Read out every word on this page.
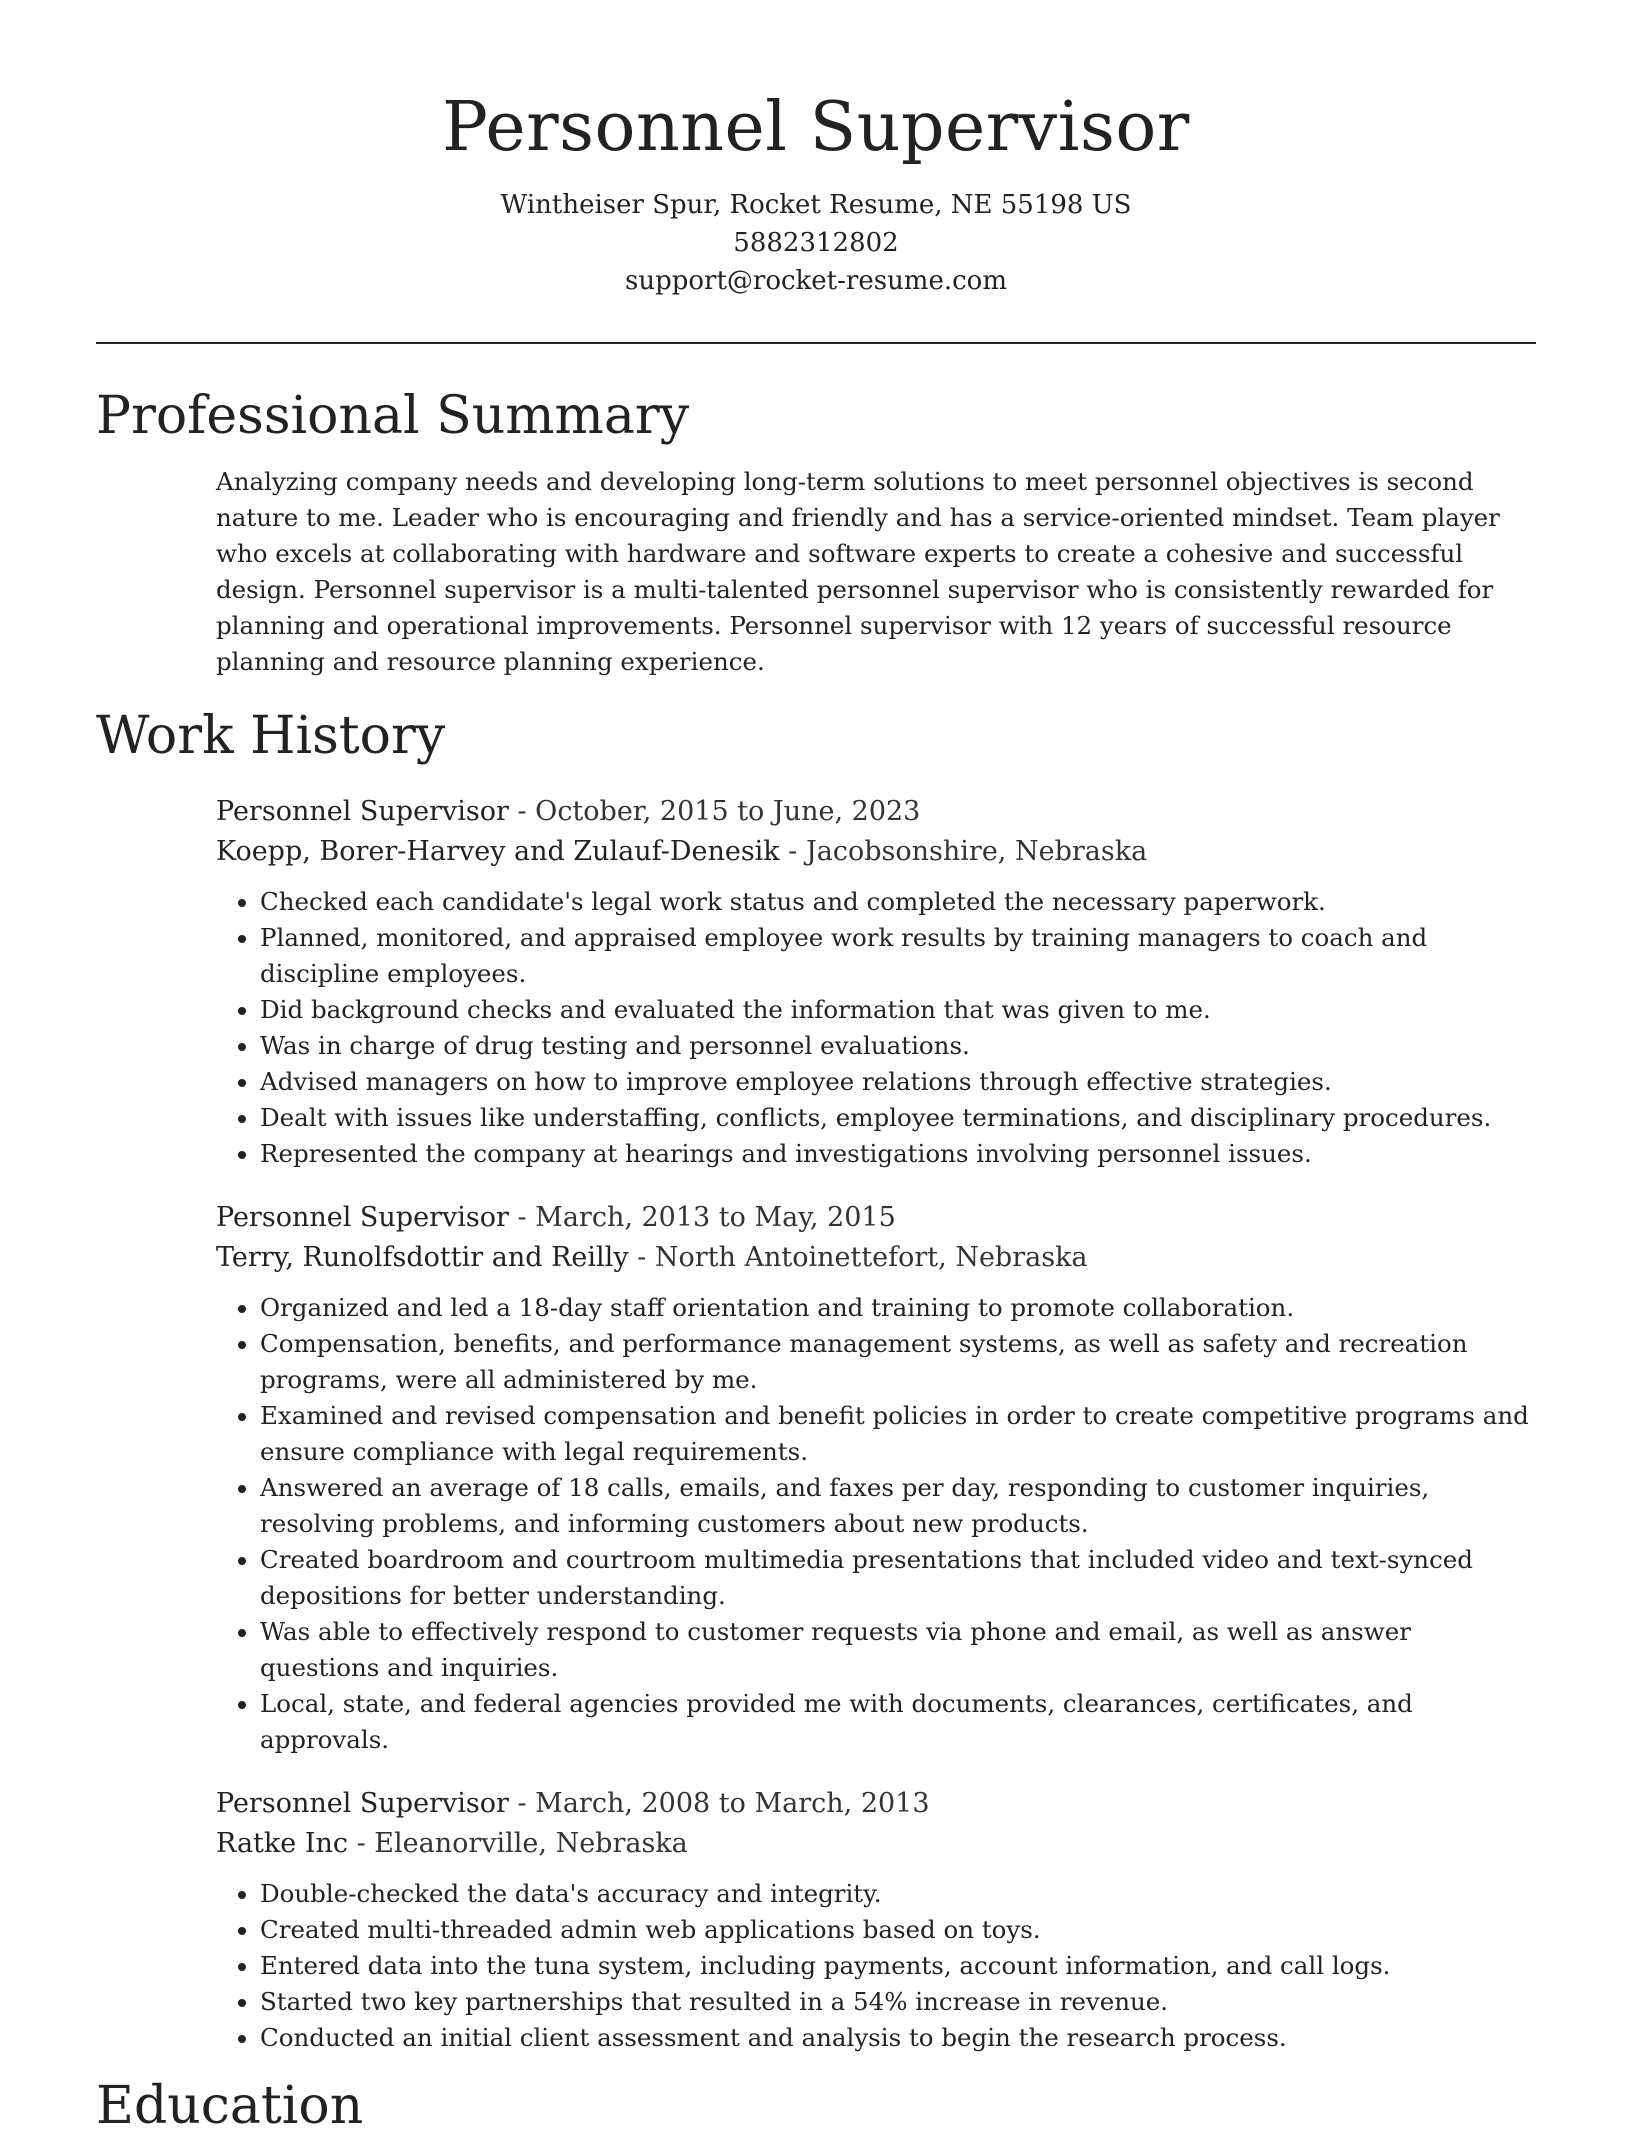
Personnel Supervisor
Wintheiser Spur, Rocket Resume, NE 55198 US
5882312802
support@rocket-resume.com
Professional Summary

Analyzing company needs and developing long-term solutions to meet personnel objectives is second nature to me. Leader who is encouraging and friendly and has a service-oriented mindset. Team player who excels at collaborating with hardware and software experts to create a cohesive and successful design. Personnel supervisor is a multi-talented personnel supervisor who is consistently rewarded for planning and operational improvements. Personnel supervisor with 12 years of successful resource planning and resource planning experience.

Work History
Personnel Supervisor - October, 2015 to June, 2023
Koepp, Borer-Harvey and Zulauf-Denesik - Jacobsonshire, Nebraska
• Checked each candidate's legal work status and completed the necessary paperwork.
• Planned, monitored, and appraised employee work results by training managers to coach and discipline employees.
• Did background checks and evaluated the information that was given to me.
• Was in charge of drug testing and personnel evaluations.
• Advised managers on how to improve employee relations through effective strategies.
• Dealt with issues like understaffing, conflicts, employee terminations, and disciplinary procedures.
• Represented the company at hearings and investigations involving personnel issues.
Personnel Supervisor - March, 2013 to May, 2015
Terry, Runolfsdottir and Reilly - North Antoinettefort, Nebraska
• Organized and led a 18-day staff orientation and training to promote collaboration.
• Compensation, benefits, and performance management systems, as well as safety and recreation programs, were all administered by me.
• Examined and revised compensation and benefit policies in order to create competitive programs and ensure compliance with legal requirements.
• Answered an average of 18 calls, emails, and faxes per day, responding to customer inquiries, resolving problems, and informing customers about new products.
• Created boardroom and courtroom multimedia presentations that included video and text-synced depositions for better understanding.
• Was able to effectively respond to customer requests via phone and email, as well as answer questions and inquiries.
• Local, state, and federal agencies provided me with documents, clearances, certificates, and approvals.
Personnel Supervisor - March, 2008 to March, 2013
Ratke Inc - Eleanorville, Nebraska
• Double-checked the data's accuracy and integrity.
• Created multi-threaded admin web applications based on toys.
• Entered data into the tuna system, including payments, account information, and call logs.
• Started two key partnerships that resulted in a 54% increase in revenue.
• Conducted an initial client assessment and analysis to begin the research process.
Education
